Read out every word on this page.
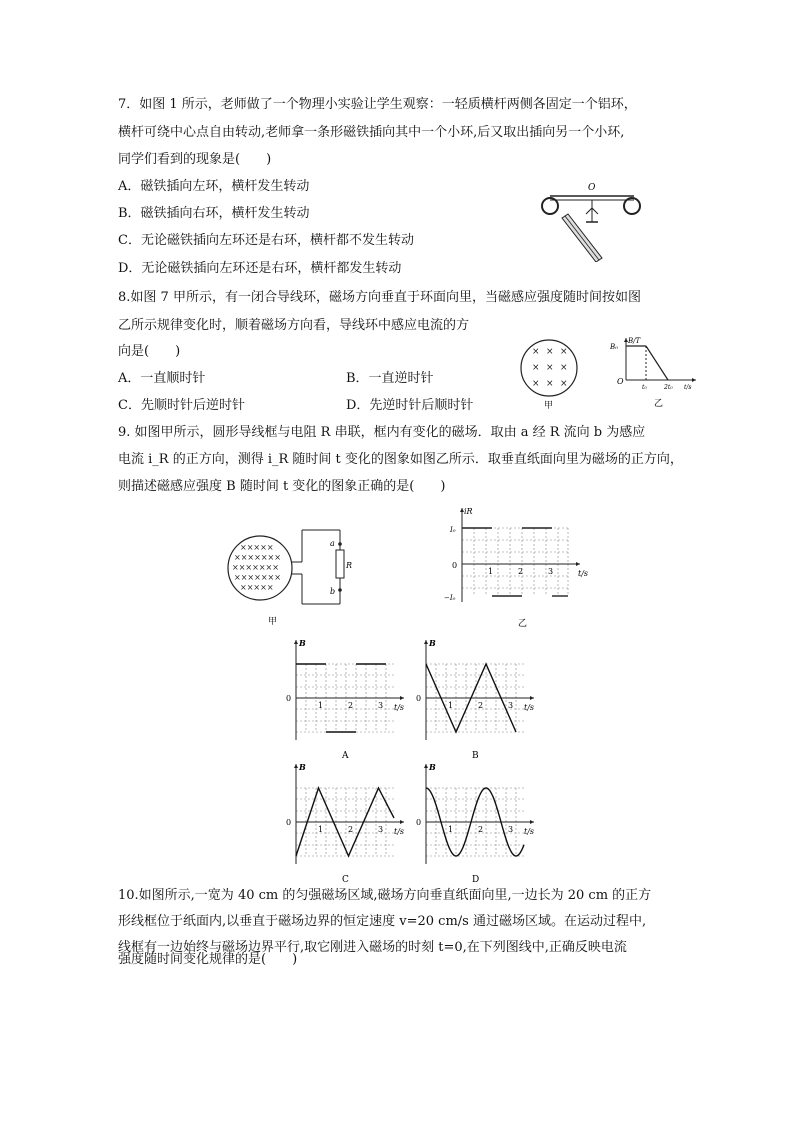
7．如图 1 所示，老师做了一个物理小实验让学生观察：一轻质横杆两侧各固定一个铝环，
横杆可绕中心点自由转动,老师拿一条形磁铁插向其中一个小环,后又取出插向另一个小环,
同学们看到的现象是(　　)
A．磁铁插向左环，横杆发生转动
B．磁铁插向右环，横杆发生转动
C．无论磁铁插向左环还是右环，横杆都不发生转动
D．无论磁铁插向左环还是右环，横杆都发生转动
O
8.如图 7 甲所示，有一闭合导线环，磁场方向垂直于环面向里，当磁感应强度随时间按如图
乙所示规律变化时，顺着磁场方向看，导线环中感应电流的方
向是(　　)
A．一直顺时针	B．一直逆时针
C．先顺时针后逆时针	D．先逆时针后顺时针
× × ×
× × ×
× × ×
甲
B/T
B₀
O
t₀	2t₀ t/s
乙
9. 如图甲所示，圆形导线框与电阻 R 串联，框内有变化的磁场．取由 a 经 R 流向 b 为感应
电流 i_R 的正方向，测得 i_R 随时间 t 变化的图象如图乙所示．取垂直纸面向里为磁场的正方向，
则描述磁感应强度 B 随时间 t 变化的图象正确的是(　　)
×××××
×××××××
×××××××
×××××××
×××××
a
b
R
甲
iR
I₀
−I₀
0
1	2	3	t/s
乙
B
0
1	2	3 t/s
A
B
0
1	2	3 t/s
B
B
0
1	2	3 t/s
C
B
0
1	2	3 t/s
D
10.如图所示,一宽为 40 cm 的匀强磁场区域,磁场方向垂直纸面向里,一边长为 20 cm 的正方
形线框位于纸面内,以垂直于磁场边界的恒定速度 v=20 cm/s 通过磁场区域。在运动过程中,
线框有一边始终与磁场边界平行,取它刚进入磁场的时刻 t=0,在下列图线中,正确反映电流
强度随时间变化规律的是(　　)
